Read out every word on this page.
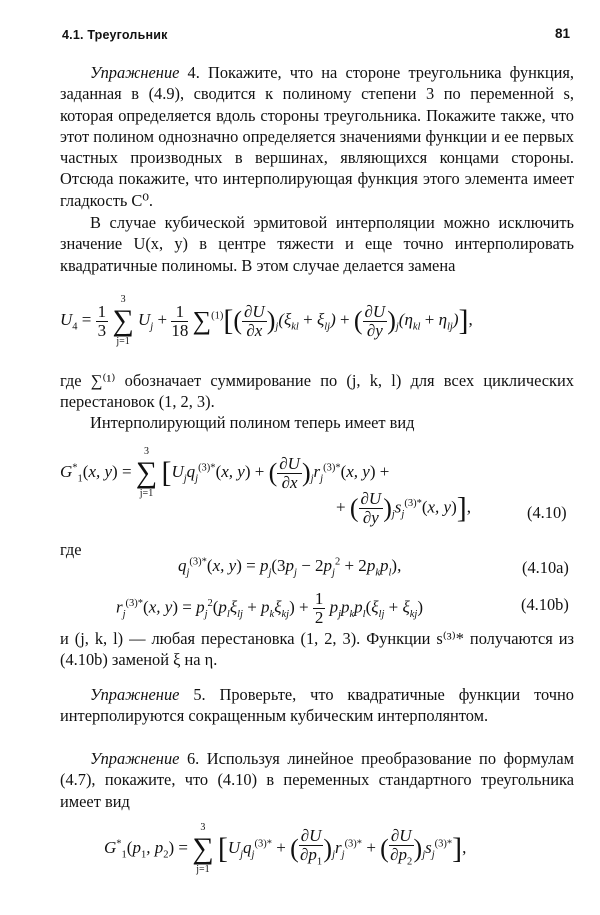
4.1. Треугольник	81

Упражнение 4. Покажите, что на стороне треугольника функция, заданная в (4.9), сводится к полиному степени 3 по переменной s, которая определяется вдоль стороны треугольника. Покажите также, что этот полином однозначно определяется значениями функции и ее первых частных производных в вершинах, являющихся концами стороны. Отсюда покажите, что интерполирующая функция этого элемента имеет гладкость C⁰.

В случае кубической эрмитовой интерполяции можно исключить значение U(x, y) в центре тяжести и еще точно интерполировать квадратичные полиномы. В этом случае делается замена

$U_4 = \frac{1}{3}$

3
∑
j=1
$U_j + \frac{1}{18} \sum^{(1)}[( \frac{\partial U}{\partial x} )_j(\xi_{kl} + \xi_{lj})$ + ( $\frac{\partial U}{\partial y} )_j(\eta_{kl} + \eta_{lj})$],

где ∑⁽¹⁾ обозначает суммирование по (j, k, l) для всех циклических перестановок (1, 2, 3).

Интерполирующий полином теперь имеет вид

$G^*_1(x$, y) =
3
∑
j=1
[$U_jq_j^{(3)*}(x$, y) + ( $\frac{\partial U}{\partial x} )_jr_j^{(3)*}(x$, y) +
+ ( $\frac{\partial U}{\partial y} )_js_j^{(3)*}(x$, y)],	(4.10)
где
$q_j^{(3)*}(x$, $y) = p_j(3p_j - 2p_j^2 + 2p_kp_l)$,	(4.10a)
$r_j^{(3)*}(x$, $y) = p_j^2(p_l\xi_{lj} + p_k\xi_{kj}) + \frac{1}{2} p_jp_kp_l(\xi_{lj} + \xi_{kj})$	(4.10b)

и (j, k, l) — любая перестановка (1, 2, 3). Функции s⁽³⁾* получаются из (4.10b) заменой ξ на η.

Упражнение 5. Проверьте, что квадратичные функции точно интерполируются сокращенным кубическим интерполянтом.

Упражнение 6. Используя линейное преобразование по формулам (4.7), покажите, что (4.10) в переменных стандартного треугольника имеет вид

$G^*_1(p_1$, $p_2$) =
3
∑
j=1
[$U_jq_j^{(3)*}$ + ( $\frac{\partial U}{\partial p_1} )_jr_j^{(3)*}$ + ( $\frac{\partial U}{\partial p_2} )_js_j^{(3)*}$],
